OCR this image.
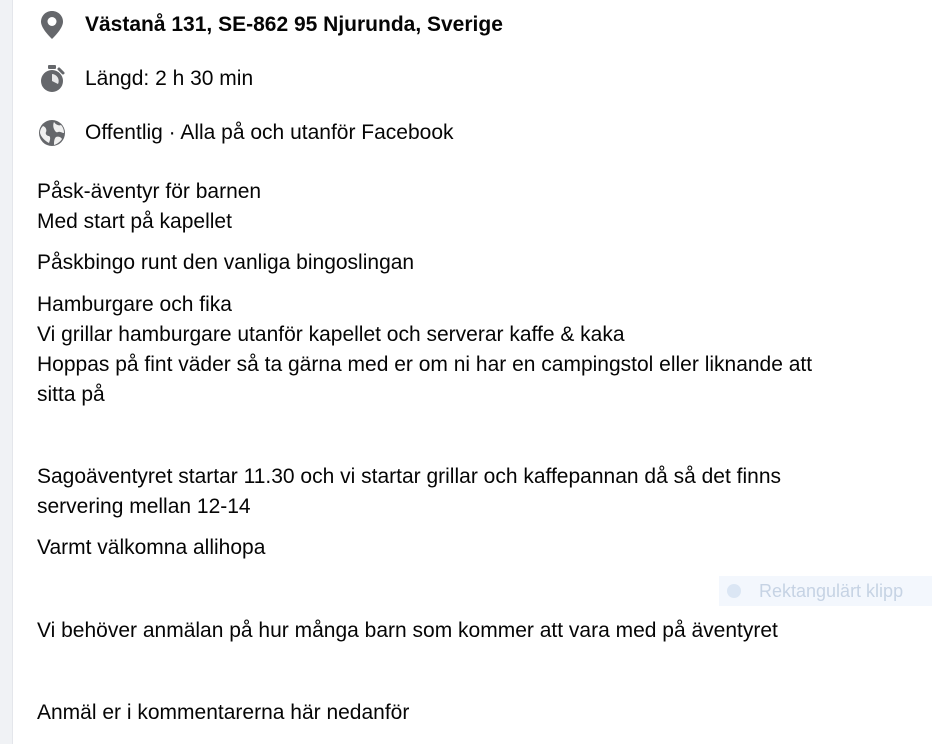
Västanå 131, SE-862 95 Njurunda, Sverige
Längd: 2 h 30 min
Offentlig · Alla på och utanför Facebook
Påsk-äventyr för barnen
Med start på kapellet
Påskbingo runt den vanliga bingoslingan
Hamburgare och fika
Vi grillar hamburgare utanför kapellet och serverar kaffe & kaka
Hoppas på fint väder så ta gärna med er om ni har en campingstol eller liknande att
sitta på
Sagoäventyret startar 11.30 och vi startar grillar och kaffepannan då så det finns
servering mellan 12-14
Varmt välkomna allihopa
Rektangulärt klipp
Vi behöver anmälan på hur många barn som kommer att vara med på äventyret
Anmäl er i kommentarerna här nedanför
